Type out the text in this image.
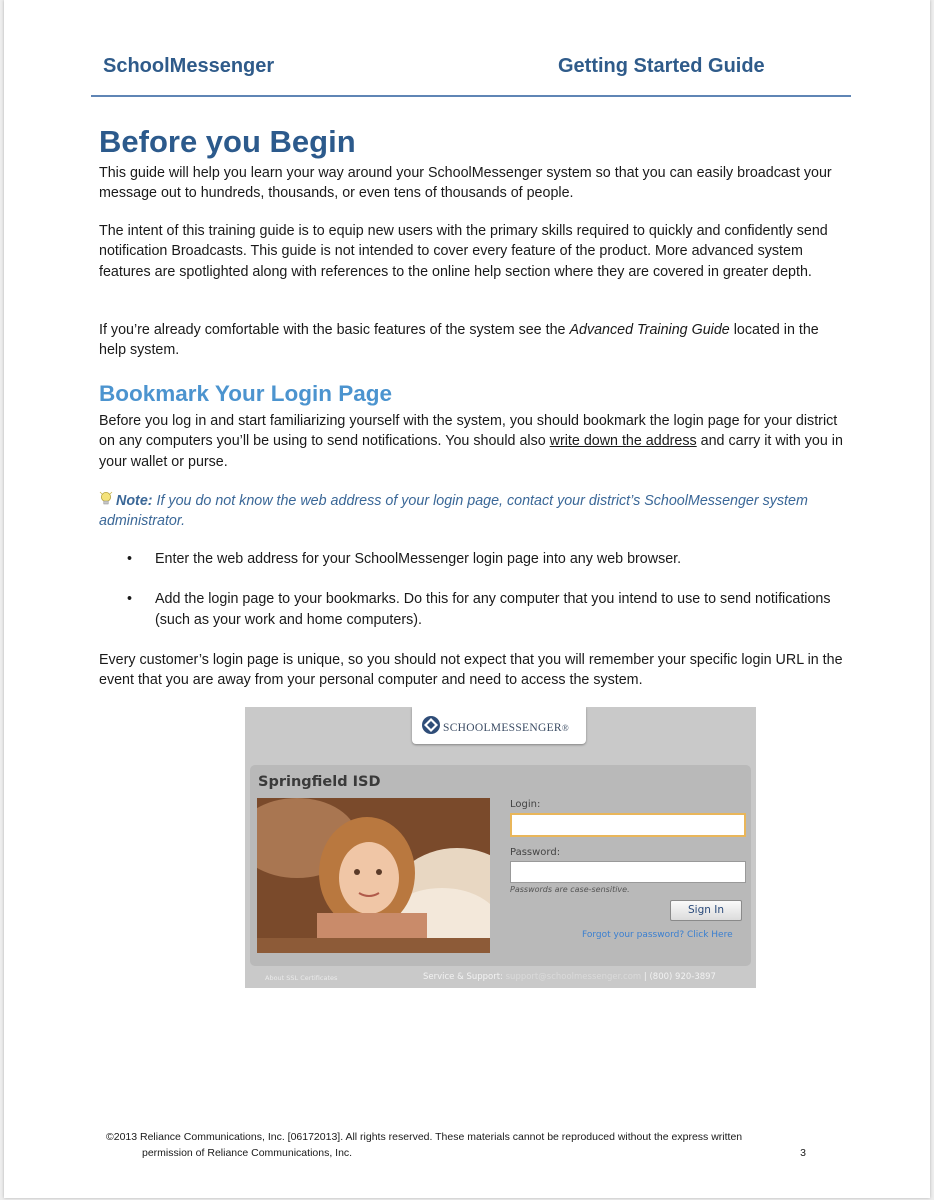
SchoolMessenger	Getting Started Guide
Before you Begin

This guide will help you learn your way around your SchoolMessenger system so that you can easily broadcast your message out to hundreds, thousands, or even tens of thousands of people.

The intent of this training guide is to equip new users with the primary skills required to quickly and confidently send notification Broadcasts. This guide is not intended to cover every feature of the product. More advanced system features are spotlighted along with references to the online help section where they are covered in greater depth.

If you’re already comfortable with the basic features of the system see the Advanced Training Guide located in the help system.

Bookmark Your Login Page

Before you log in and start familiarizing yourself with the system, you should bookmark the login page for your district on any computers you’ll be using to send notifications. You should also write down the address and carry it with you in your wallet or purse.

Note: If you do not know the web address of your login page, contact your district’s SchoolMessenger system administrator.
• Enter the web address for your SchoolMessenger login page into any web browser.
• Add the login page to your bookmarks. Do this for any computer that you intend to use to send notifications (such as your work and home computers).

Every customer’s login page is unique, so you should not expect that you will remember your specific login URL in the event that you are away from your personal computer and need to access the system.

SCHOOLMESSENGER®
Springfield ISD
Login:
Password:
Passwords are case-sensitive.
Sign In
Forgot your password? Click Here
About SSL Certificates	Service & Support: support@schoolmessenger.com | (800) 920-3897
©2013 Reliance Communications, Inc. [06172013]. All rights reserved. These materials cannot be reproduced without the express written
permission of Reliance Communications, Inc.	3
